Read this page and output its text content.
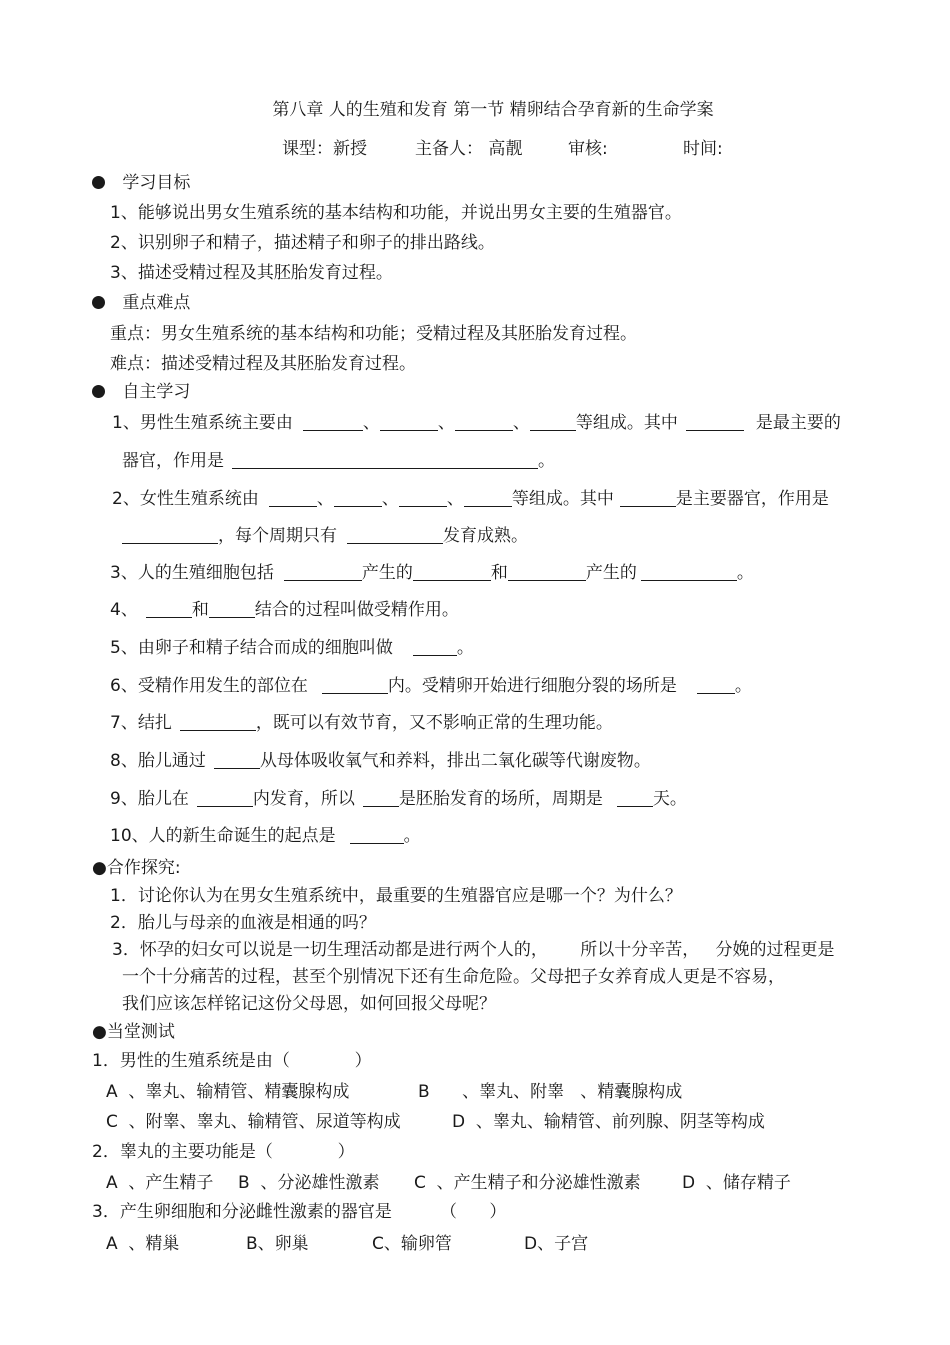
第八章 人的生殖和发育 第一节 精卵结合孕育新的生命学案
课型：新授	主备人： 高靓	审核:	时间:
学习目标
1、能够说出男女生殖系统的基本结构和功能，并说出男女主要的生殖器官。
2、识别卵子和精子，描述精子和卵子的排出路线。
3、描述受精过程及其胚胎发育过程。
重点难点
重点：男女生殖系统的基本结构和功能；受精过程及其胚胎发育过程。
难点：描述受精过程及其胚胎发育过程。
自主学习
1、男性生殖系统主要由	、	、	、	等组成。其中	是最主要的
器官，作用是	。
2、女性生殖系统由	、	、	、	等组成。其中	是主要器官，作用是
，每个周期只有	发育成熟。
3、人的生殖细胞包括	产生的	和	产生的	。
4、	和	结合的过程叫做受精作用。
5、由卵子和精子结合而成的细胞叫做	。
6、受精作用发生的部位在	内。受精卵开始进行细胞分裂的场所是	。
7、结扎	，既可以有效节育，又不影响正常的生理功能。
8、胎儿通过	从母体吸收氧气和养料，排出二氧化碳等代谢废物。
9、胎儿在	内发育，所以	是胚胎发育的场所，周期是	天。
10、人的新生命诞生的起点是	。
●合作探究:
1．讨论你认为在男女生殖系统中，最重要的生殖器官应是哪一个？为什么？
2．胎儿与母亲的血液是相通的吗？
3．怀孕的妇女可以说是一切生理活动都是进行两个人的，      所以十分辛苦，   分娩的过程更是
一个十分痛苦的过程，甚至个别情况下还有生命危险。父母把子女养育成人更是不容易，
我们应该怎样铭记这份父母恩，如何回报父母呢？
●当堂测试
1．男性的生殖系统是由（            ）
A  、睾丸、输精管、精囊腺构成	B      、睾丸、附睾   、精囊腺构成
C  、附睾、睾丸、输精管、尿道等构成	D  、睾丸、输精管、前列腺、阴茎等构成
2．睾丸的主要功能是（            ）
A  、产生精子 B  、分泌雄性激素 C  、产生精子和分泌雄性激素 D  、储存精子
3．产生卵细胞和分泌雌性激素的器官是	（      ）
A  、精巢	B、卵巢	C、输卵管	D、子宫
